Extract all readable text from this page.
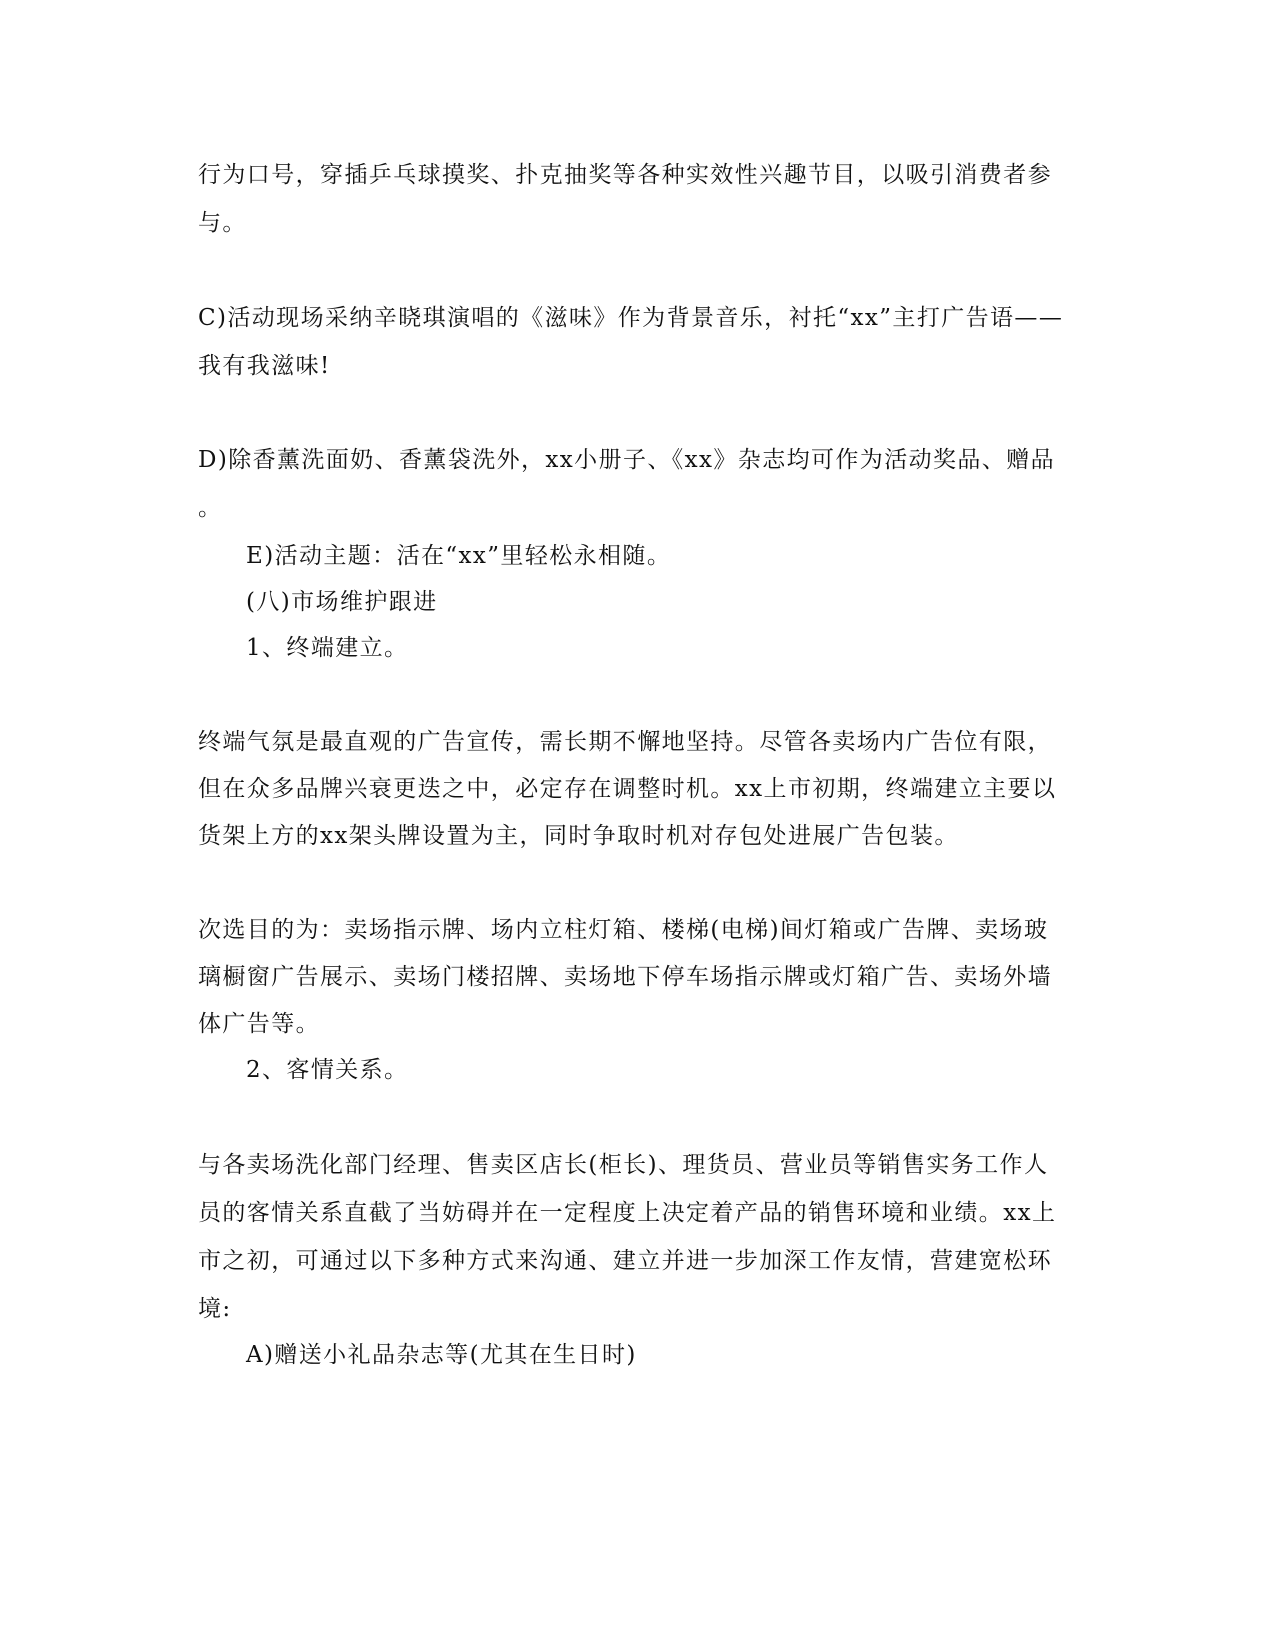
行为口号，穿插乒乓球摸奖、扑克抽奖等各种实效性兴趣节目，以吸引消费者参

与。

C)活动现场采纳辛晓琪演唱的《滋味》作为背景音乐，衬托“xx”主打广告语——

我有我滋味!

D)除香薰洗面奶、香薰袋洗外，xx小册子、《xx》杂志均可作为活动奖品、赠品

。

E)活动主题：活在“xx”里轻松永相随。

(八)市场维护跟进

1、终端建立。

终端气氛是最直观的广告宣传，需长期不懈地坚持。尽管各卖场内广告位有限，

但在众多品牌兴衰更迭之中，必定存在调整时机。xx上市初期，终端建立主要以

货架上方的xx架头牌设置为主，同时争取时机对存包处进展广告包装。

次选目的为：卖场指示牌、场内立柱灯箱、楼梯(电梯)间灯箱或广告牌、卖场玻

璃橱窗广告展示、卖场门楼招牌、卖场地下停车场指示牌或灯箱广告、卖场外墙

体广告等。

2、客情关系。

与各卖场洗化部门经理、售卖区店长(柜长)、理货员、营业员等销售实务工作人

员的客情关系直截了当妨碍并在一定程度上决定着产品的销售环境和业绩。xx上

市之初，可通过以下多种方式来沟通、建立并进一步加深工作友情，营建宽松环

境:

A)赠送小礼品杂志等(尤其在生日时)
